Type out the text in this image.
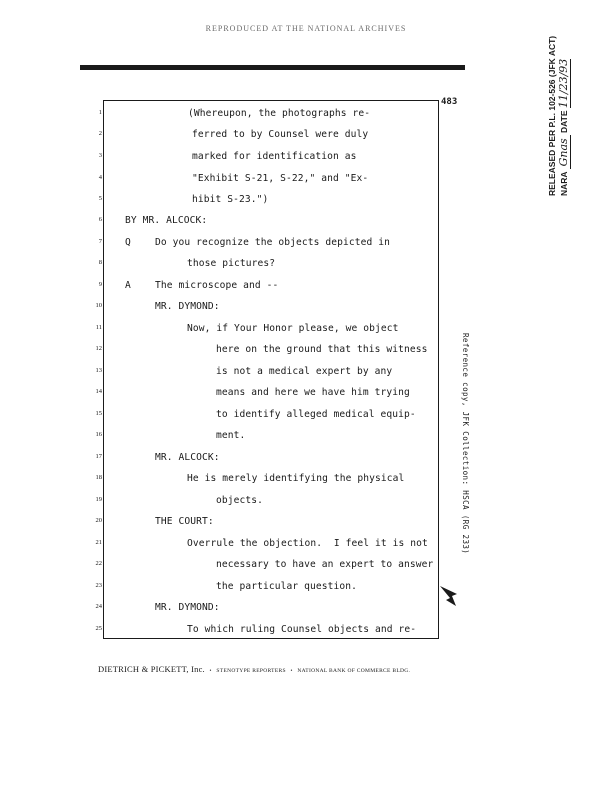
REPRODUCED AT THE NATIONAL ARCHIVES
483
1
2
3
4
5
6
7
8
9
10
11
12
13
14
15
16
17
18
19
20
21
22
23
24
25
(Whereupon, the photographs re-
ferred to by Counsel were duly
marked for identification as
"Exhibit S-21, S-22," and "Ex-
hibit S-23.")
BY MR. ALCOCK:
Q	Do you recognize the objects depicted in
those pictures?
A	The microscope and --
MR. DYMOND:
Now, if Your Honor please, we object
here on the ground that this witness
is not a medical expert by any
means and here we have him trying
to identify alleged medical equip-
ment.
MR. ALCOCK:
He is merely identifying the physical
objects.
THE COURT:
Overrule the objection.  I feel it is not
necessary to have an expert to answer
the particular question.
MR. DYMOND:
To which ruling Counsel objects and re-
DIETRICH & PICKETT, Inc. • STENOTYPE REPORTERS • NATIONAL BANK OF COMMERCE BLDG.
RELEASED PER P.L. 102-526 (JFK ACT) NARA Gnas DATE 11/23/93
Reference copy, JFK Collection: HSCA (RG 233)
